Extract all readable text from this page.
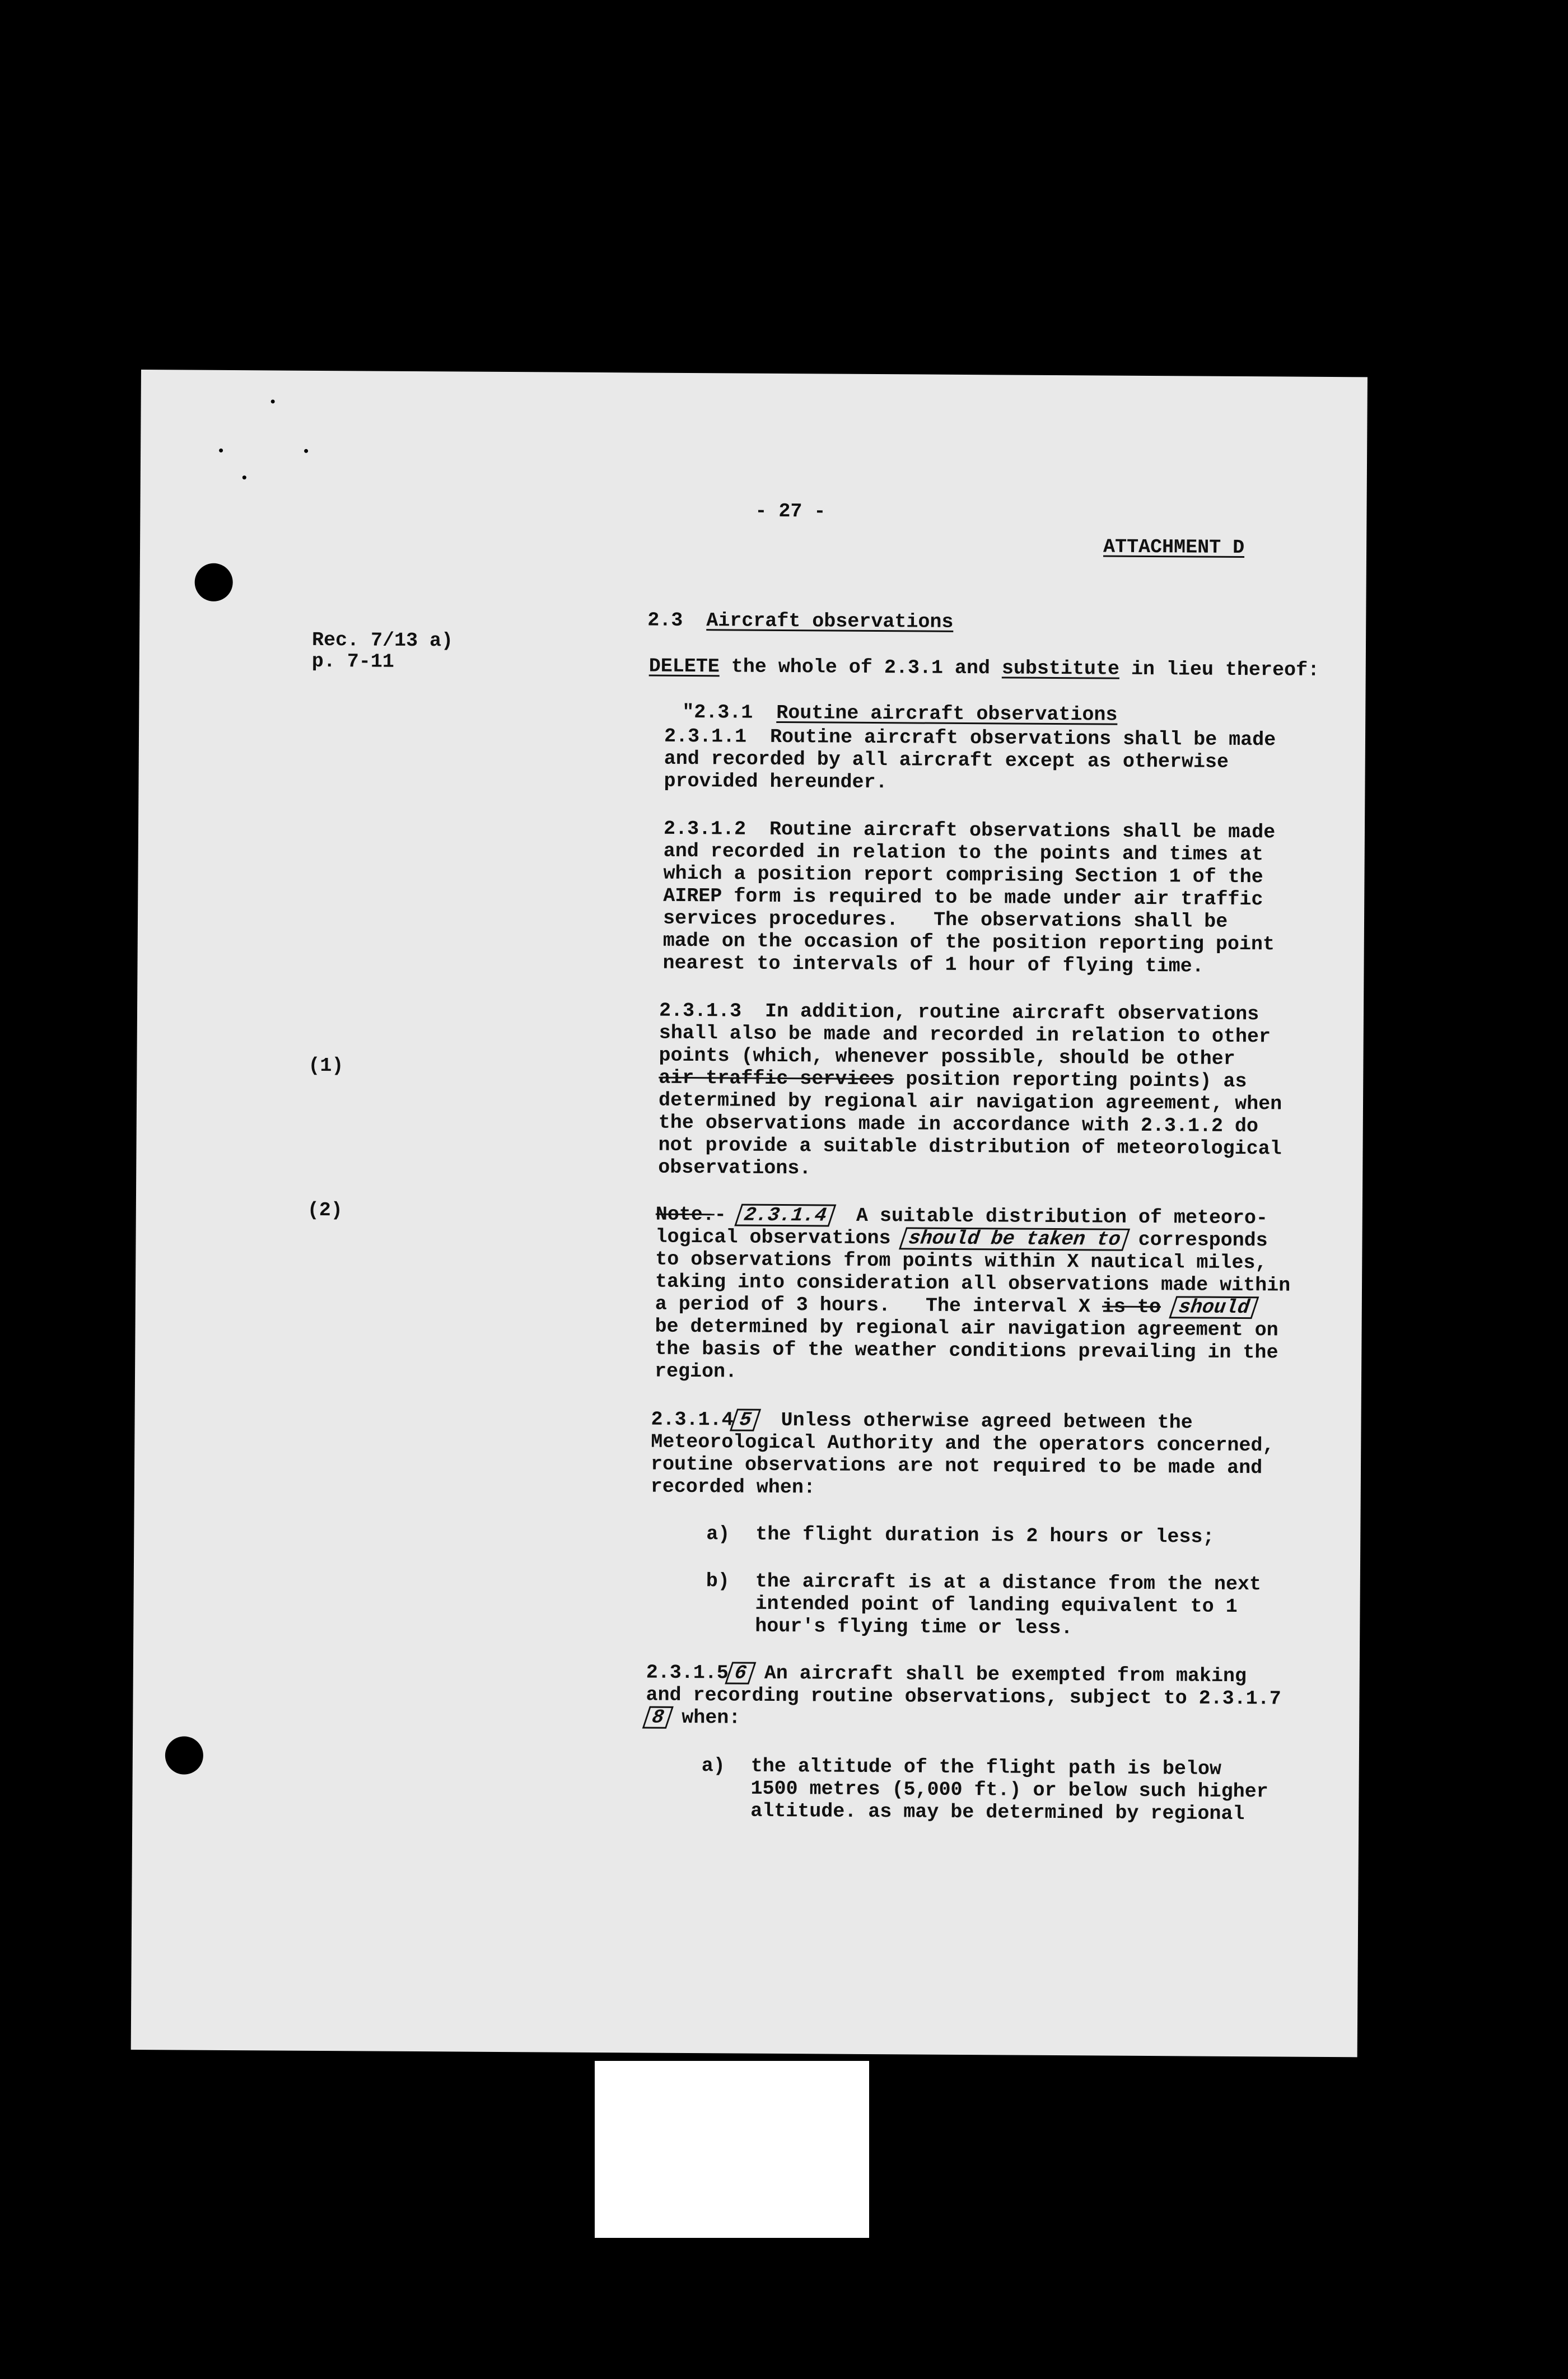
- 27 -
ATTACHMENT D

2.3 Aircraft observations

Rec. 7/13 a)
p. 7-11
(1)
(2)

DELETE the whole of 2.3.1 and substitute in lieu thereof:

"2.3.1 Routine aircraft observations

2.3.1.1  Routine aircraft observations shall be made
and recorded by all aircraft except as otherwise
provided hereunder.
2.3.1.2  Routine aircraft observations shall be made
and recorded in relation to the points and times at
which a position report comprising Section 1 of the
AIREP form is required to be made under air traffic
services procedures.   The observations shall be
made on the occasion of the position reporting point
nearest to intervals of 1 hour of flying time.
2.3.1.3  In addition, routine aircraft observations
shall also be made and recorded in relation to other
points (which, whenever possible, should be other
air traffic services position reporting points) as
determined by regional air navigation agreement, when
the observations made in accordance with 2.3.1.2 do
not provide a suitable distribution of meteorological
observations.
Note.- 2.3.1.4  A suitable distribution of meteoro-
logical observations should be taken to corresponds
to observations from points within X nautical miles,
taking into consideration all observations made within
a period of 3 hours.   The interval X is to should
be determined by regional air navigation agreement on
the basis of the weather conditions prevailing in the
region.
2.3.1.4 5  Unless otherwise agreed between the
Meteorological Authority and the operators concerned,
routine observations are not required to be made and
recorded when:
a) the flight duration is 2 hours or less;
b) the aircraft is at a distance from the next
intended point of landing equivalent to 1
hour's flying time or less.
2.3.1.5 6 An aircraft shall be exempted from making
and recording routine observations, subject to 2.3.1.7
8 when:
a) the altitude of the flight path is below
1500 metres (5,000 ft.) or below such higher
altitude. as may be determined by regional
